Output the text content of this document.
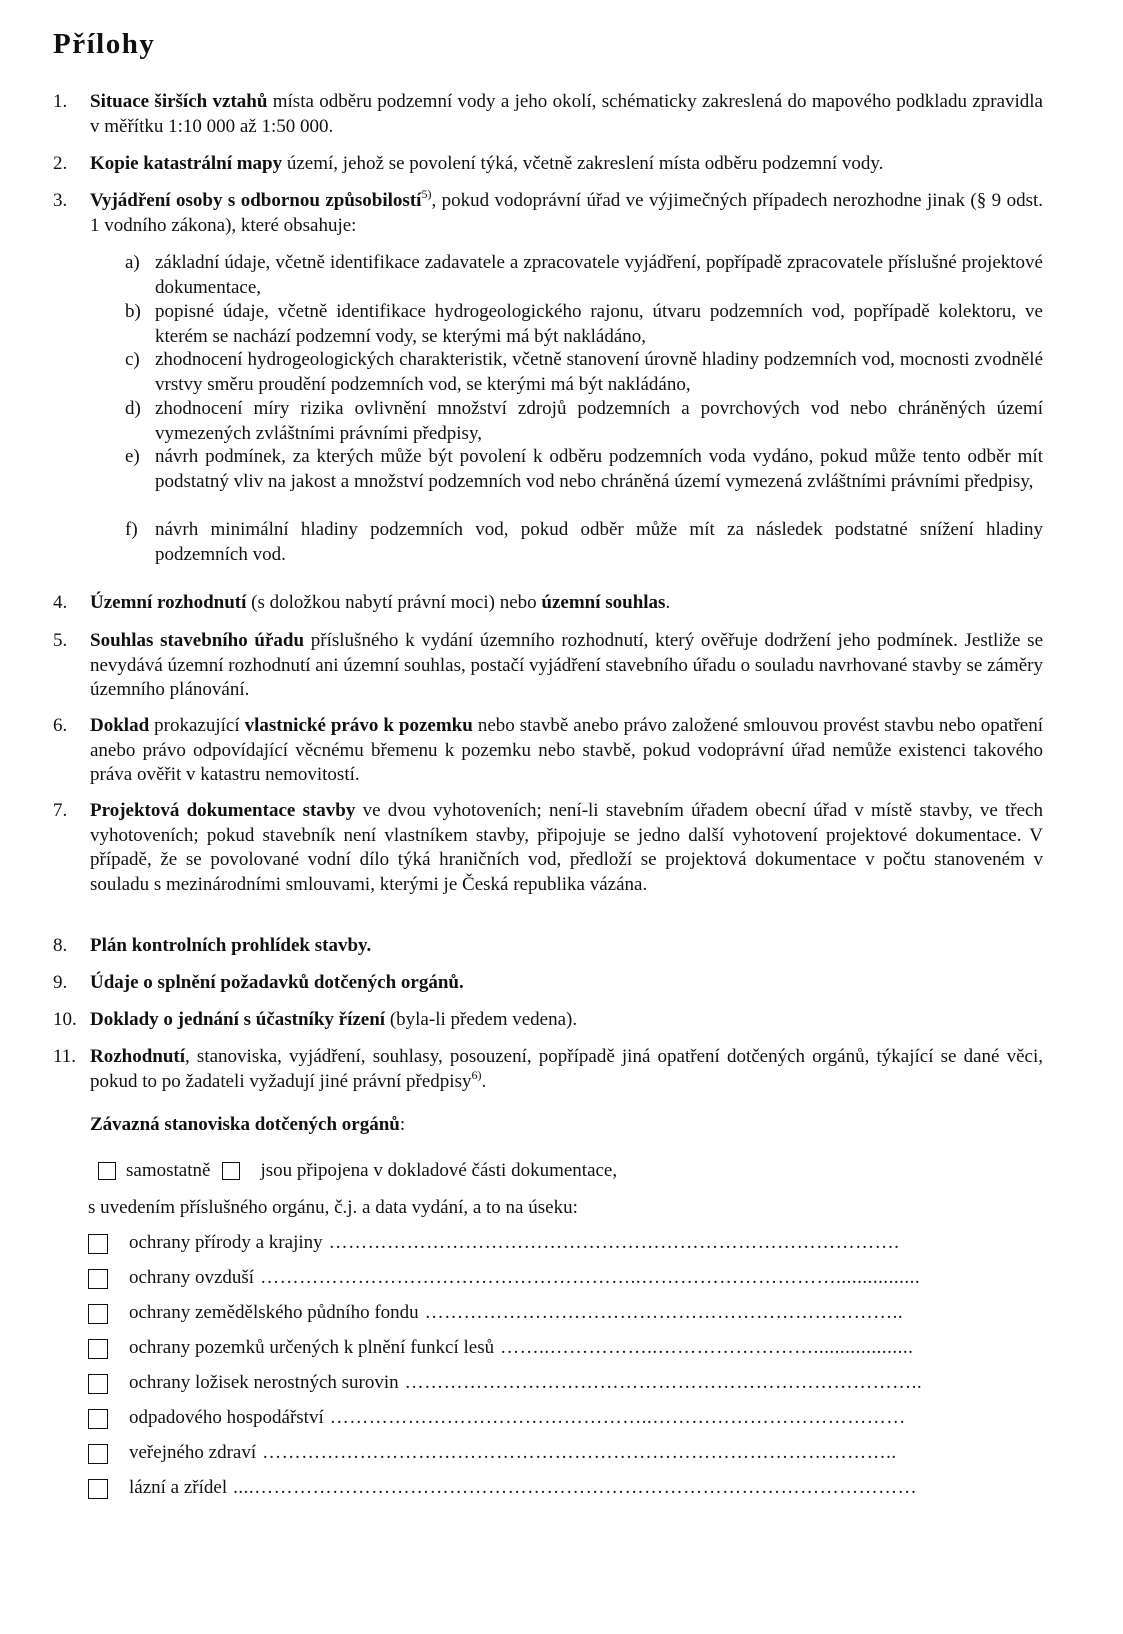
Přílohy
1.	Situace širších vztahů místa odběru podzemní vody a jeho okolí, schématicky zakreslená do mapového podkladu zpravidla v měřítku 1:10 000 až 1:50 000.
2.	Kopie katastrální mapy území, jehož se povolení týká, včetně zakreslení místa odběru podzemní vody.
3.	Vyjádření osoby s odbornou způsobilostí$^{5)}$, pokud vodoprávní úřad ve výjimečných případech nerozhodne jinak (§ 9 odst. 1 vodního zákona), které obsahuje:
a) základní údaje, včetně identifikace zadavatele a zpracovatele vyjádření, popřípadě zpracovatele příslušné projektové dokumentace,
b) popisné údaje, včetně identifikace hydrogeologického rajonu, útvaru podzemních vod, popřípadě kolektoru, ve kterém se nachází podzemní vody, se kterými má být nakládáno,
c) zhodnocení hydrogeologických charakteristik, včetně stanovení úrovně hladiny podzemních vod, mocnosti zvodnělé vrstvy směru proudění podzemních vod, se kterými má být nakládáno,
d) zhodnocení míry rizika ovlivnění množství zdrojů podzemních a povrchových vod nebo chráněných území vymezených zvláštními právními předpisy,
e) návrh podmínek, za kterých může být povolení k odběru podzemních voda vydáno, pokud může tento odběr mít podstatný vliv na jakost a množství podzemních vod nebo chráněná území vymezená zvláštními právními předpisy,
f) návrh minimální hladiny podzemních vod, pokud odběr může mít za následek podstatné snížení hladiny podzemních vod.
4.	Územní rozhodnutí (s doložkou nabytí právní moci) nebo územní souhlas.
5.	Souhlas stavebního úřadu příslušného k vydání územního rozhodnutí, který ověřuje dodržení jeho podmínek. Jestliže se nevydává územní rozhodnutí ani územní souhlas, postačí vyjádření stavebního úřadu o souladu navrhované stavby se záměry územního plánování.
6.	Doklad prokazující vlastnické právo k pozemku nebo stavbě anebo právo založené smlouvou provést stavbu nebo opatření anebo právo odpovídající věcnému břemenu k pozemku nebo stavbě, pokud vodoprávní úřad nemůže existenci takového práva ověřit v katastru nemovitostí.
7.	Projektová dokumentace stavby ve dvou vyhotoveních; není-li stavebním úřadem obecní úřad v místě stavby, ve třech vyhotoveních; pokud stavebník není vlastníkem stavby, připojuje se jedno další vyhotovení projektové dokumentace. V případě, že se povolované vodní dílo týká hraničních vod, předloží se projektová dokumentace v počtu stanoveném v souladu s mezinárodními smlouvami, kterými je Česká republika vázána.
8.	Plán kontrolních prohlídek stavby.
9.	Údaje o splnění požadavků dotčených orgánů.
10. Doklady o jednání s účastníky řízení (byla-li předem vedena).
11. Rozhodnutí, stanoviska, vyjádření, souhlasy, posouzení, popřípadě jiná opatření dotčených orgánů, týkající se dané věci, pokud to po žadateli vyžadují jiné právní předpisy$^{6)}$.
Závazná stanoviska dotčených orgánů:
samostatně	jsou připojena v dokladové části dokumentace,
s uvedením příslušného orgánu, č.j. a data vydání, a to na úseku:
ochrany přírody a krajiny …………………………………………………………………………….
ochrany ovzduší …………………………………………………..…………………………................
ochrany zemědělského půdního fondu ………………………………………………………………..
ochrany pozemků určených k plnění funkcí lesů ……..……………..……………………...................
ochrany ložisek nerostných surovin ……………………………………………………………………..
odpadového hospodářství …………………………………………..…………………………………
veřejného zdraví ……………………………………………………………………………………..
lázní a zřídel ....…………………………………………………………………………………………
